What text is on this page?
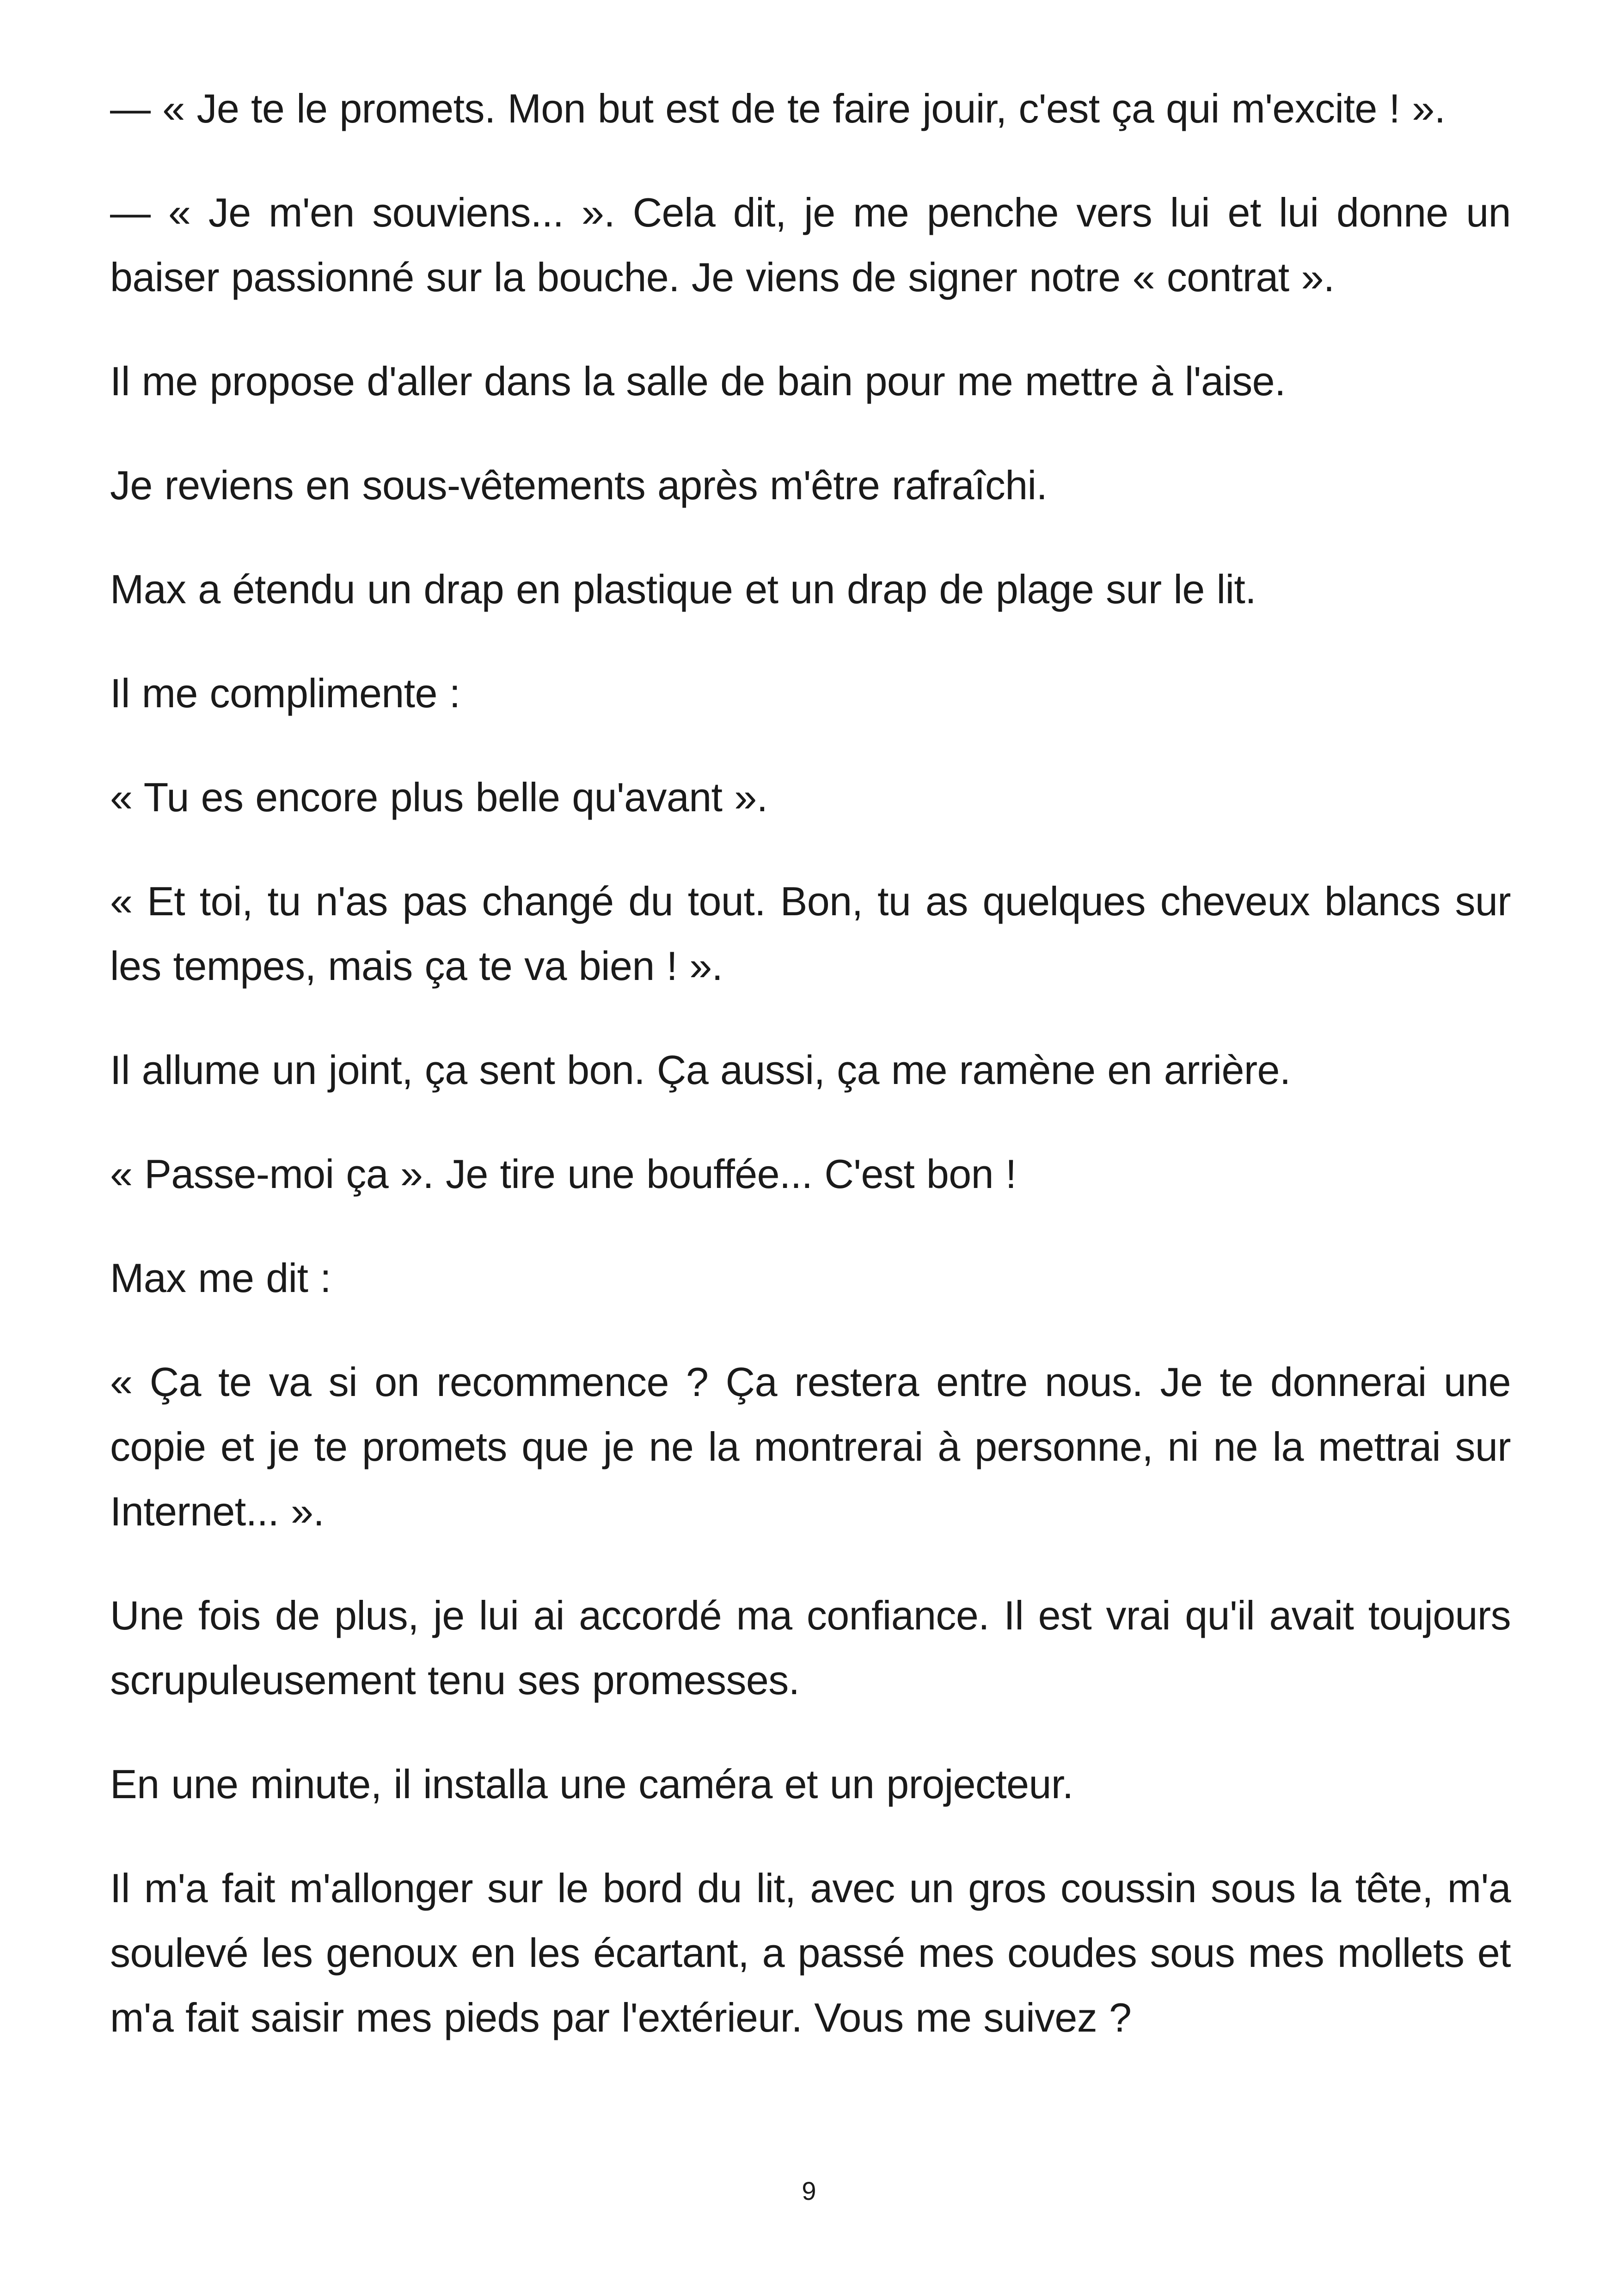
— « Je te le promets. Mon but est de te faire jouir, c'est ça qui m'excite ! ».

— « Je m'en souviens... ». Cela dit, je me penche vers lui et lui donne un baiser passionné sur la bouche. Je viens de signer notre « contrat ».

Il me propose d'aller dans la salle de bain pour me mettre à l'aise.

Je reviens en sous-vêtements après m'être rafraîchi.

Max a étendu un drap en plastique et un drap de plage sur le lit.

Il me complimente :

« Tu es encore plus belle qu'avant ».

« Et toi, tu n'as pas changé du tout. Bon, tu as quelques cheveux blancs sur les tempes, mais ça te va bien ! ».

Il allume un joint, ça sent bon. Ça aussi, ça me ramène en arrière.

« Passe-moi ça ». Je tire une bouffée... C'est bon !

Max me dit :

« Ça te va si on recommence ? Ça restera entre nous. Je te donnerai une copie et je te promets que je ne la montrerai à personne, ni ne la mettrai sur Internet... ».

Une fois de plus, je lui ai accordé ma confiance. Il est vrai qu'il avait toujours scrupuleusement tenu ses promesses.

En une minute, il installa une caméra et un projecteur.

Il m'a fait m'allonger sur le bord du lit, avec un gros coussin sous la tête, m'a soulevé les genoux en les écartant, a passé mes coudes sous mes mollets et m'a fait saisir mes pieds par l'extérieur. Vous me suivez ?

9
